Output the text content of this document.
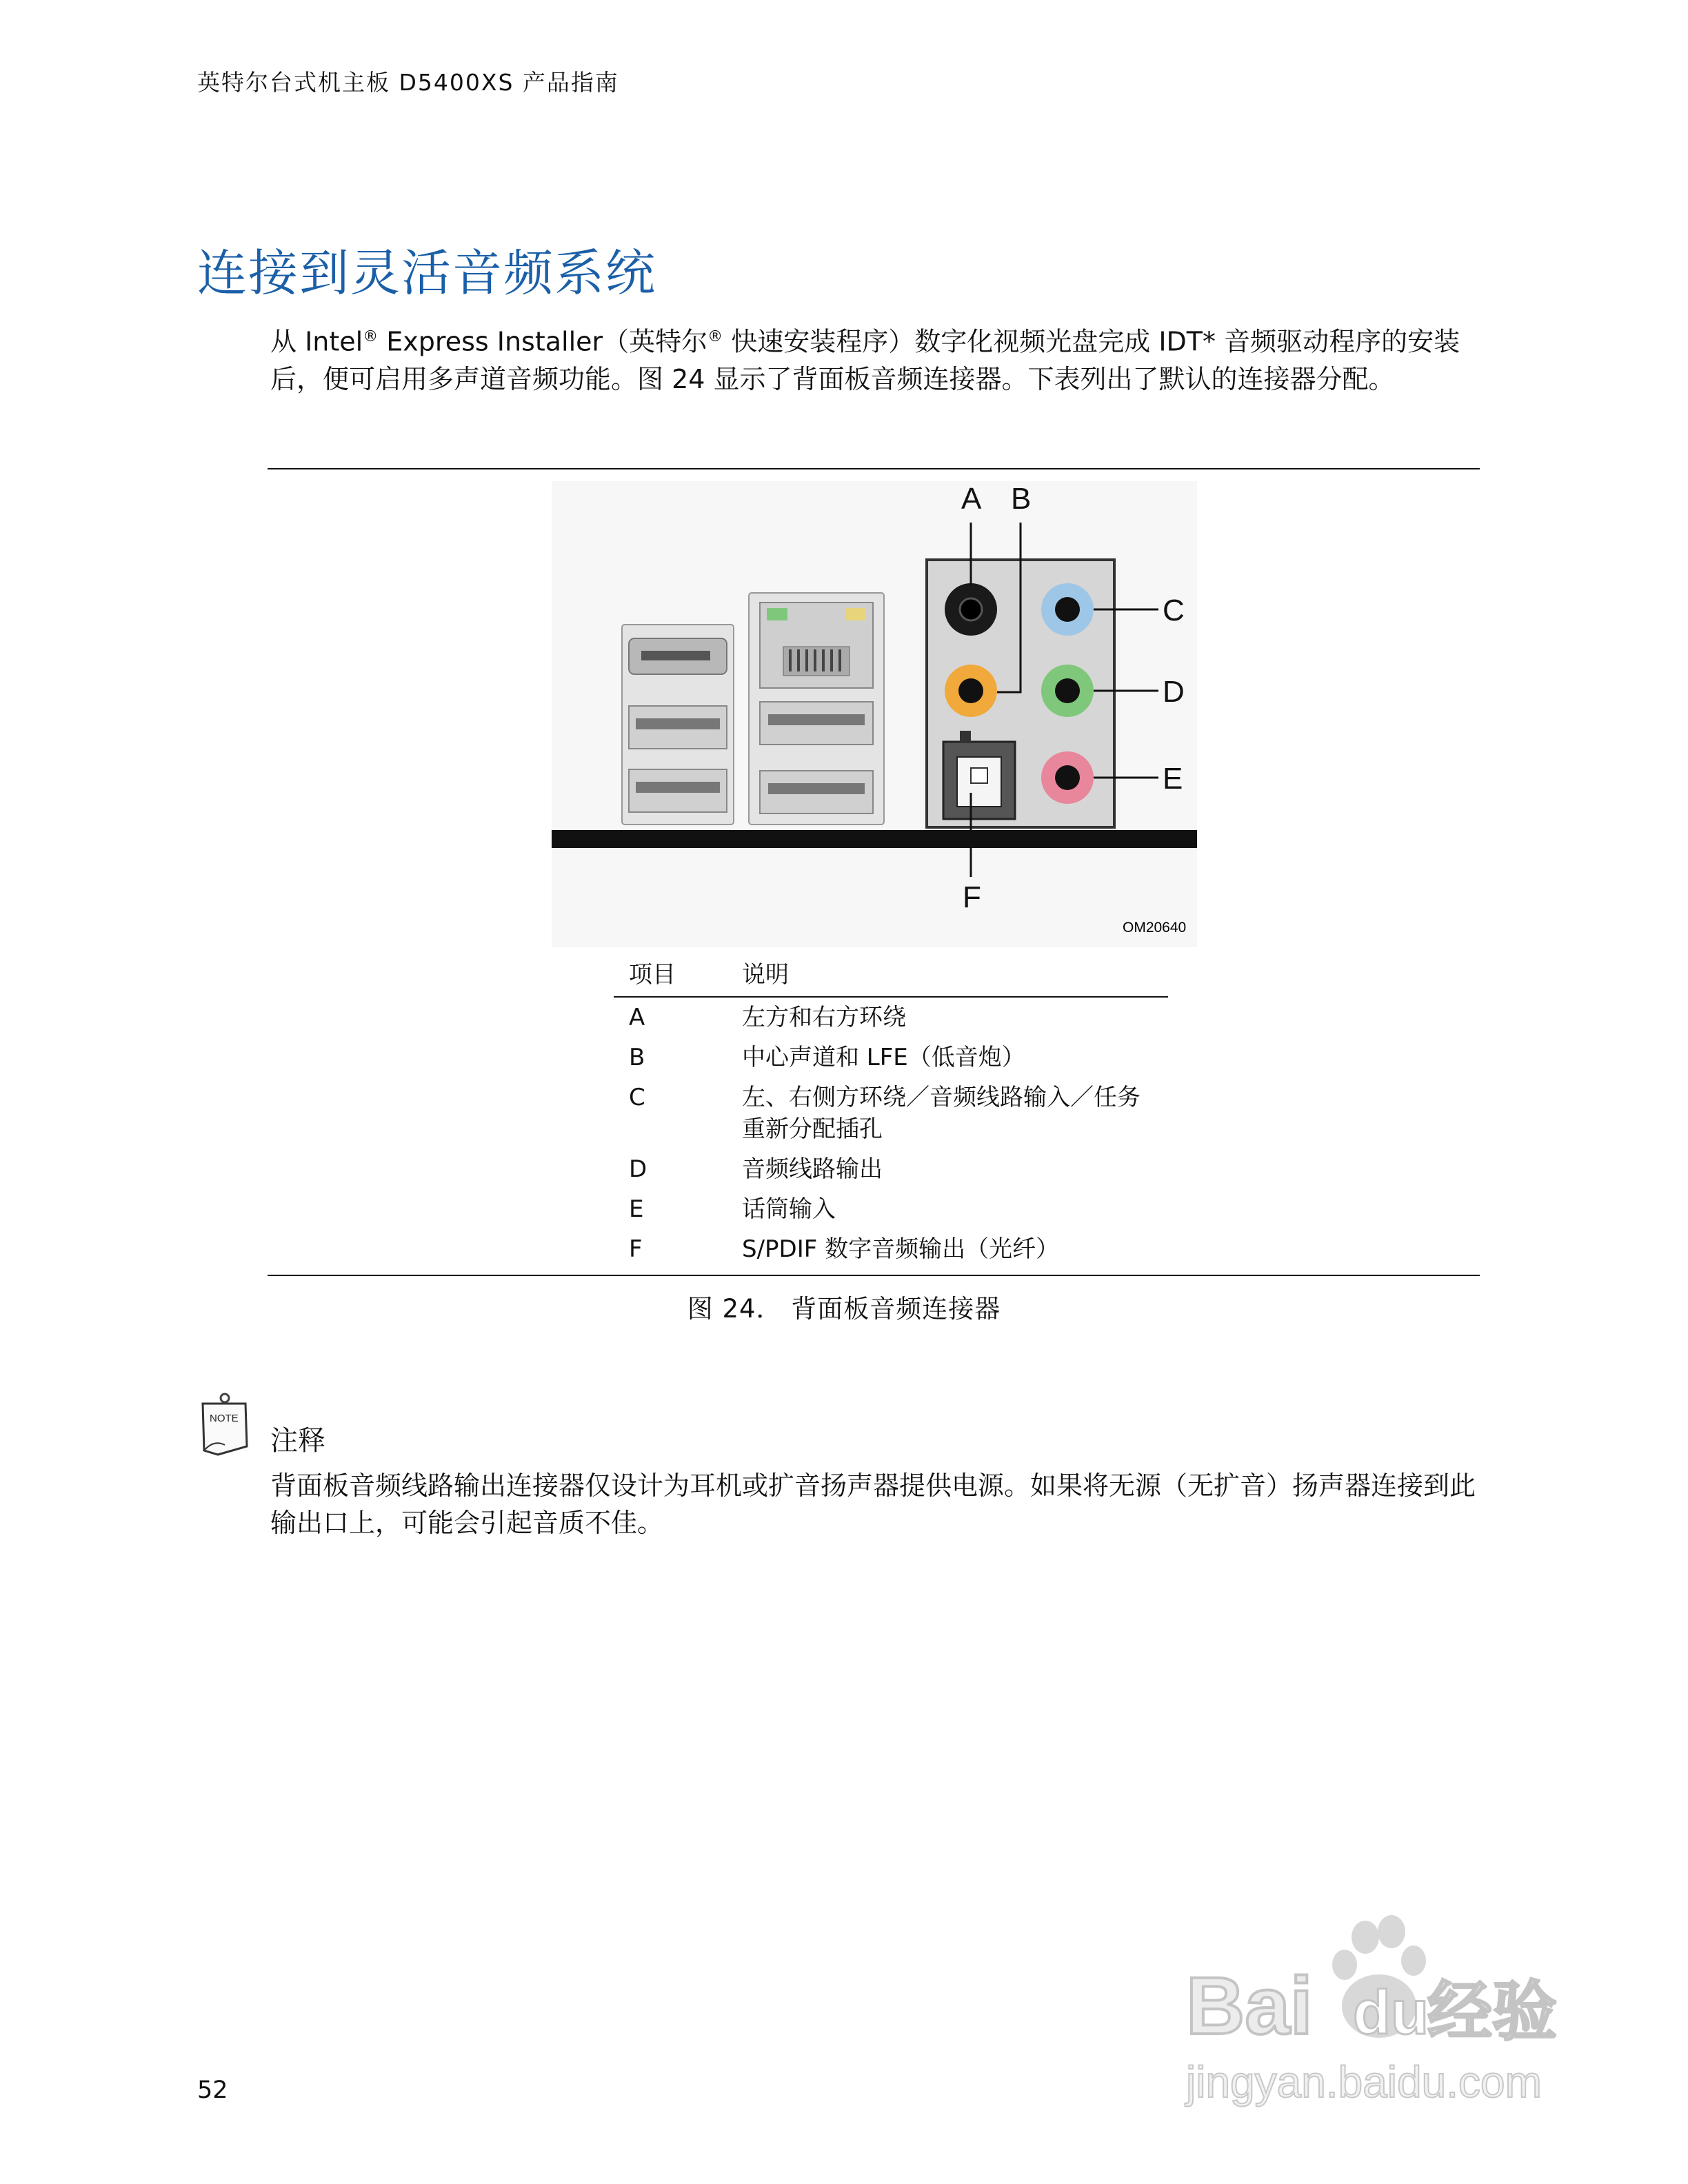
英特尔台式机主板 D5400XS 产品指南
连接到灵活音频系统
从 Intel® Express Installer（英特尔® 快速安装程序）数字化视频光盘完成 IDT* 音频驱动程序的安装后，便可启用多声道音频功能。图 24 显示了背面板音频连接器。下表列出了默认的连接器分配。
A B
C
D
E
F
OM20640
项目	说明
A	左方和右方环绕
B	中心声道和 LFE（低音炮）
C	左、右侧方环绕／音频线路输入／任务重新分配插孔
D	音频线路输出
E	话筒输入
F	S/PDIF 数字音频输出（光纤）
图 24． 背面板音频连接器
NOTE
注释
背面板音频线路输出连接器仅设计为耳机或扩音扬声器提供电源。如果将无源（无扩音）扬声器连接到此输出口上，可能会引起音质不佳。
Bai du
经验
jingyan.baidu.com
52
